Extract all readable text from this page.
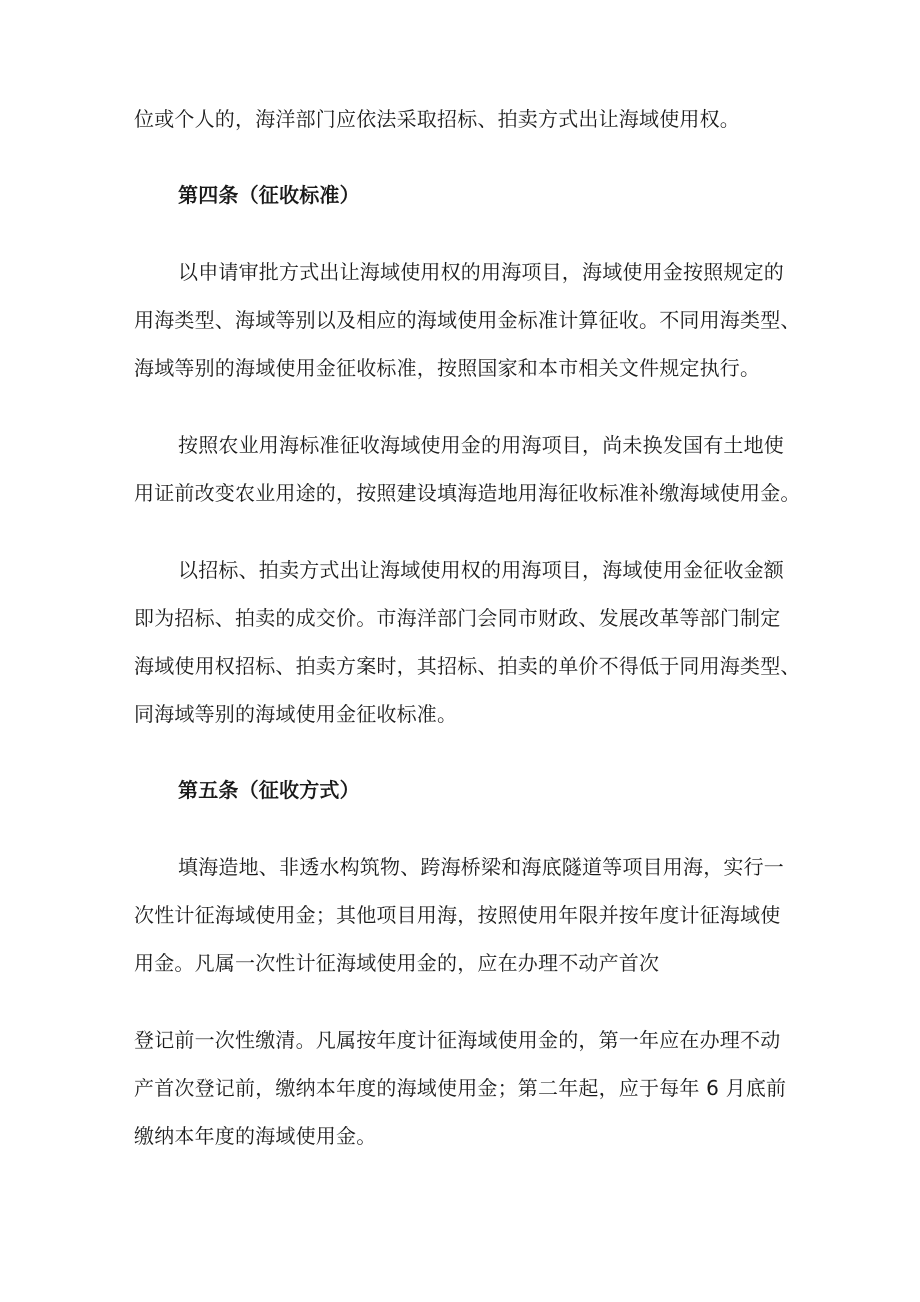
位或个人的，海洋部门应依法采取招标、拍卖方式出让海域使用权。
第四条（征收标准）
以申请审批方式出让海域使用权的用海项目，海域使用金按照规定的
用海类型、海域等别以及相应的海域使用金标准计算征收。不同用海类型、
海域等别的海域使用金征收标准，按照国家和本市相关文件规定执行。
按照农业用海标准征收海域使用金的用海项目，尚未换发国有土地使
用证前改变农业用途的，按照建设填海造地用海征收标准补缴海域使用金。
以招标、拍卖方式出让海域使用权的用海项目，海域使用金征收金额
即为招标、拍卖的成交价。市海洋部门会同市财政、发展改革等部门制定
海域使用权招标、拍卖方案时，其招标、拍卖的单价不得低于同用海类型、
同海域等别的海域使用金征收标准。
第五条（征收方式）
填海造地、非透水构筑物、跨海桥梁和海底隧道等项目用海，实行一
次性计征海域使用金；其他项目用海，按照使用年限并按年度计征海域使
用金。凡属一次性计征海域使用金的，应在办理不动产首次
登记前一次性缴清。凡属按年度计征海域使用金的，第一年应在办理不动
产首次登记前，缴纳本年度的海域使用金；第二年起，应于每年 6 月底前
缴纳本年度的海域使用金。
